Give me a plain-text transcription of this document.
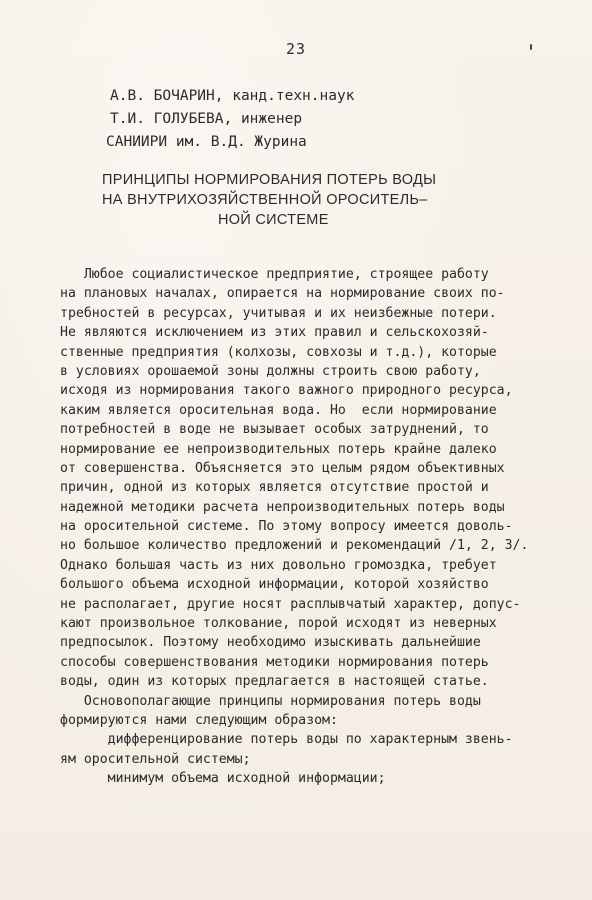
23
А.В. БОЧАРИН, канд.техн.наук
Т.И. ГОЛУБЕВА, инженер
САНИИРИ им. В.Д. Журина
ПРИНЦИПЫ НОРМИРОВАНИЯ ПОТЕРЬ ВОДЫ
НА ВНУТРИХОЗЯЙСТВЕННОЙ ОРОСИТЕЛЬ–
НОЙ СИСТЕМЕ
Любое социалистическое предприятие, строящее работу
на плановых началах, опирается на нормирование своих по-
требностей в ресурсах, учитывая и их неизбежные потери.
Не являются исключением из этих правил и сельскохозяй-
ственные предприятия (колхозы, совхозы и т.д.), которые
в условиях орошаемой зоны должны строить свою работу,
исходя из нормирования такого важного природного ресурса,
каким является оросительная вода. Но  если нормирование
потребностей в воде не вызывает особых затруднений, то
нормирование ее непроизводительных потерь крайне далеко
от совершенства. Объясняется это целым рядом объективных
причин, одной из которых является отсутствие простой и
надежной методики расчета непроизводительных потерь воды
на оросительной системе. По этому вопросу имеется доволь-
но большое количество предложений и рекомендаций /1, 2, 3/.
Однако большая часть из них довольно громоздка, требует
большого объема исходной информации, которой хозяйство
не располагает, другие носят расплывчатый характер, допус-
кают произвольное толкование, порой исходят из неверных
предпосылок. Поэтому необходимо изыскивать дальнейшие
способы совершенствования методики нормирования потерь
воды, один из которых предлагается в настоящей статье.
Основополагающие принципы нормирования потерь воды
формируются нами следующим образом:
дифференцирование потерь воды по характерным звень-
ям оросительной системы;
минимум объема исходной информации;
